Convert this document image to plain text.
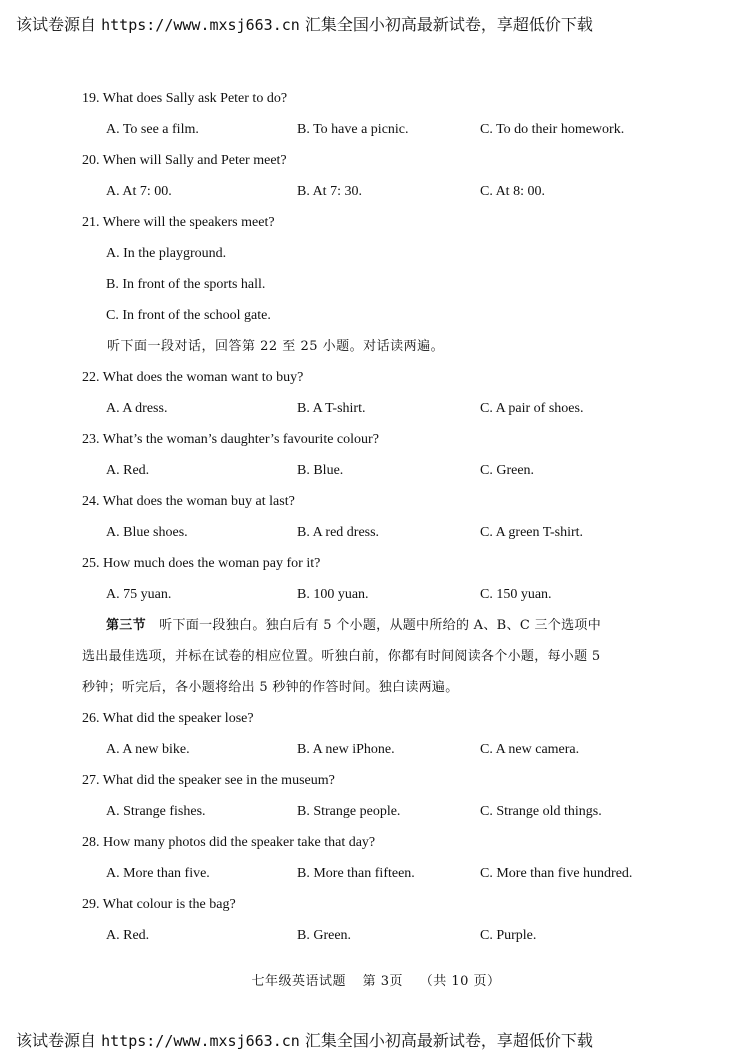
该试卷源自 https://www.mxsj663.cn 汇集全国小初高最新试卷，享超低价下载
19. What does Sally ask Peter to do?
A. To see a film.	B. To have a picnic.	C. To do their homework.
20. When will Sally and Peter meet?
A. At 7: 00.	B. At 7: 30.	C. At 8: 00.
21. Where will the speakers meet?
A. In the playground.
B. In front of the sports hall.
C. In front of the school gate.
听下面一段对话，回答第 22 至 25 小题。对话读两遍。
22. What does the woman want to buy?
A. A dress.	B. A T-shirt.	C. A pair of shoes.
23. What’s the woman’s daughter’s favourite colour?
A. Red.	B. Blue.	C. Green.
24. What does the woman buy at last?
A. Blue shoes.	B. A red dress.	C. A green T-shirt.
25. How much does the woman pay for it?
A. 75 yuan.	B. 100 yuan.	C. 150 yuan.
第三节 听下面一段独白。独白后有 5 个小题，从题中所给的 A、B、C 三个选项中
选出最佳选项，并标在试卷的相应位置。听独白前，你都有时间阅读各个小题，每小题 5
秒钟；听完后，各小题将给出 5 秒钟的作答时间。独白读两遍。
26. What did the speaker lose?
A. A new bike.	B. A new iPhone.	C. A new camera.
27. What did the speaker see in the museum?
A. Strange fishes.	B. Strange people.	C. Strange old things.
28. How many photos did the speaker take that day?
A. More than five.	B. More than fifteen.	C. More than five hundred.
29. What colour is the bag?
A. Red.	B. Green.	C. Purple.
七年级英语试题 第 3页 （共 10 页）
该试卷源自 https://www.mxsj663.cn 汇集全国小初高最新试卷，享超低价下载
